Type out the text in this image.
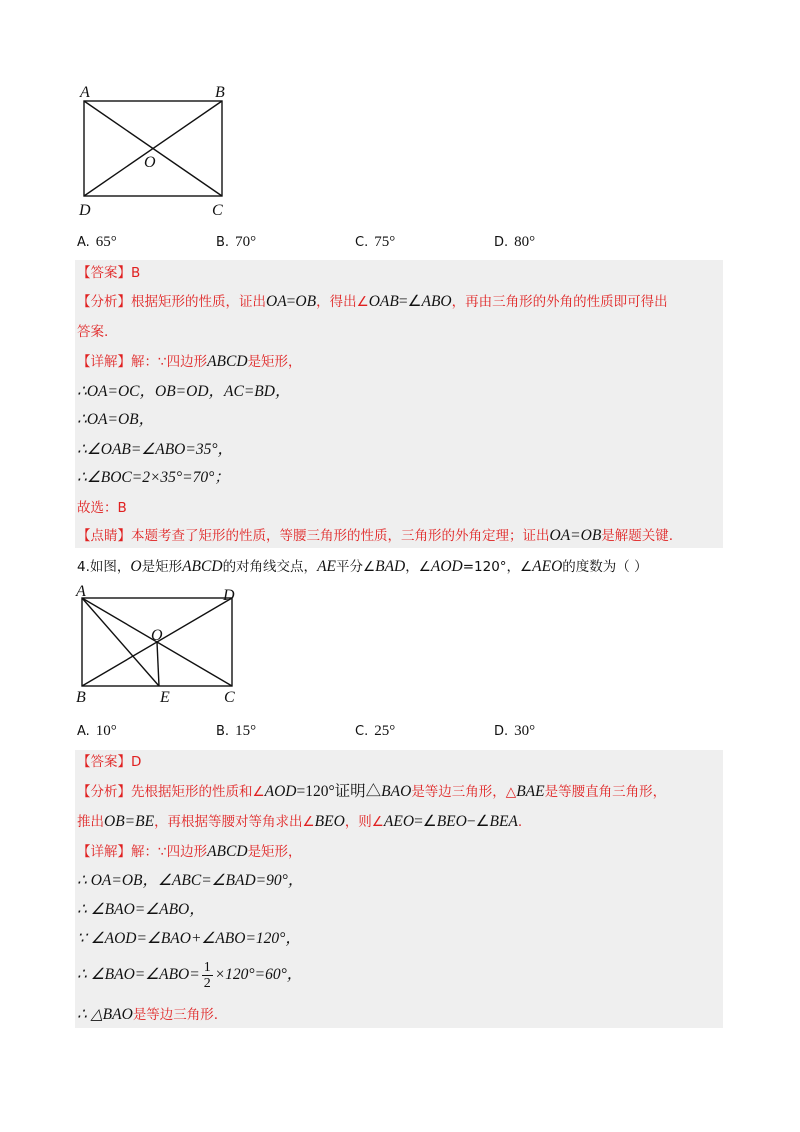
A	B
C
D
O
A. 65°	B. 70°	C. 75°	D. 80°
【答案】B
【分析】根据矩形的性质，证出OA=OB，得出∠OAB=∠ABO，再由三角形的外角的性质即可得出
答案.
【详解】解：∵四边形ABCD是矩形，
∴OA=OC，OB=OD，AC=BD，
∴OA=OB，
∴∠OAB=∠ABO=35°，
∴∠BOC=2×35°=70°；
故选：B
【点睛】本题考查了矩形的性质，等腰三角形的性质，三角形的外角定理；证出OA=OB是解题关键.
4.如图，O是矩形ABCD的对角线交点，AE平分∠BAD，∠AOD=120°，∠AEO的度数为（ ）
A	D
B	C
E
O
A. 10°	B. 15°	C. 25°	D. 30°
【答案】D
【分析】先根据矩形的性质和∠AOD=120°证明△BAO是等边三角形，△BAE是等腰直角三角形，
推出OB=BE，再根据等腰对等角求出∠BEO，则∠AEO=∠BEO−∠BEA.
【详解】解：∵四边形ABCD是矩形，
∴ OA=OB，∠ABC=∠BAD=90°，
∴ ∠BAO=∠ABO，
∵ ∠AOD=∠BAO+∠ABO=120°，
∴ ∠BAO=∠ABO= $\frac{1}{2} \times 120^\circ=60^\circ$，
∴ △BAO是等边三角形.
